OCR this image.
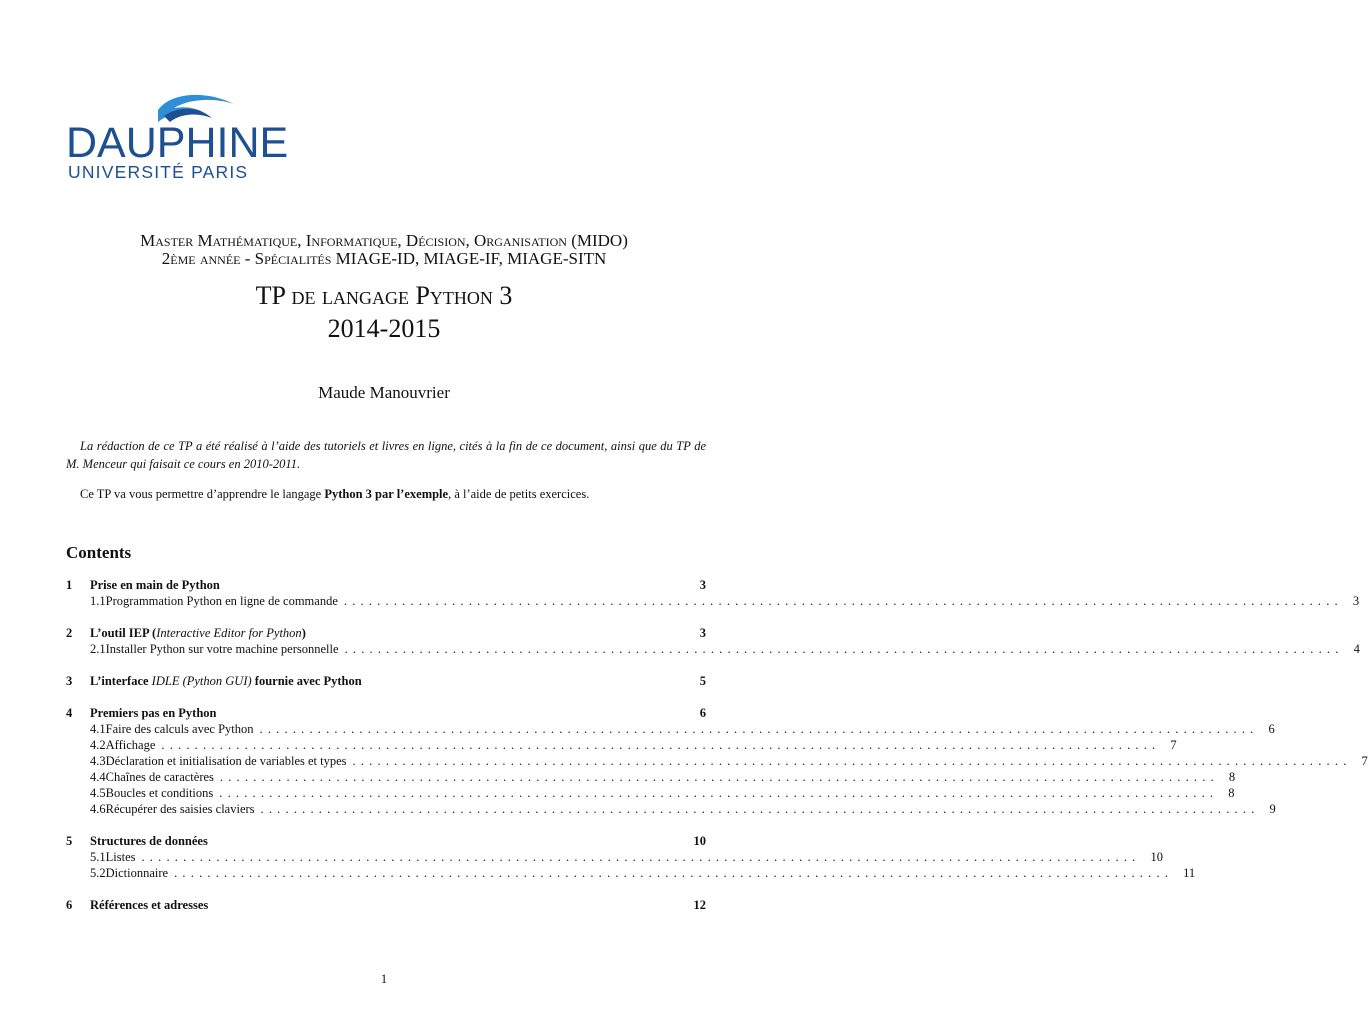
DAUPHINE
UNIVERSITÉ PARIS
Master Mathématique, Informatique, Décision, Organisation (MIDO)
2ème année - Spécialités MIAGE-ID, MIAGE-IF, MIAGE-SITN
TP de langage Python 3
2014-2015
Maude Manouvrier
La rédaction de ce TP a été réalisé à l’aide des tutoriels et livres en ligne, cités à la fin de ce document, ainsi que du TP de M. Menceur qui faisait ce cours en 2010-2011.
Ce TP va vous permettre d’apprendre le langage Python 3 par l’exemple, à l’aide de petits exercices.
Contents
1	Prise en main de Python	3
1.1 Programmation Python en ligne de commande ........................................................................................................................ 3
2	L’outil IEP (Interactive Editor for Python)	3
2.1 Installer Python sur votre machine personnelle ........................................................................................................................ 4
3	L’interface IDLE (Python GUI) fournie avec Python	5
4	Premiers pas en Python	6
4.1 Faire des calculs avec Python ........................................................................................................................ 6
4.2 Affichage ........................................................................................................................ 7
4.3 Déclaration et initialisation de variables et types ........................................................................................................................ 7
4.4 Chaînes de caractères ........................................................................................................................ 8
4.5 Boucles et conditions ........................................................................................................................ 8
4.6 Récupérer des saisies claviers ........................................................................................................................ 9
5	Structures de données	10
5.1 Listes ........................................................................................................................ 10
5.2 Dictionnaire ........................................................................................................................ 11
6	Références et adresses	12
1
